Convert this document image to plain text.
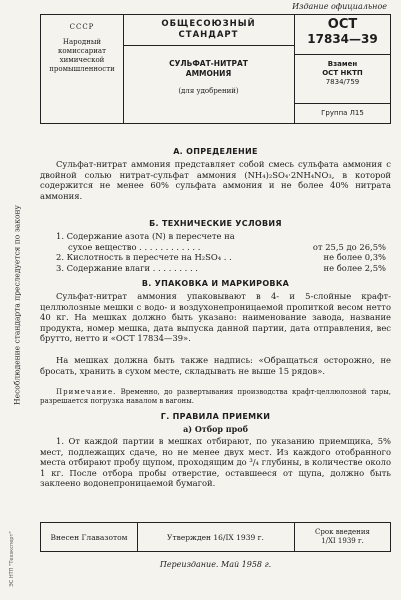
Издание официальное
СССР
Народный
комиссариат
химической
промышленности
ОБЩЕСОЮЗНЫЙ
СТАНДАРТ
СУЛЬФАТ-НИТРАТ
АММОНИЯ
(для удобрений)
ОСТ
17834—39
Взамен
ОСТ НКТП
7834/759
Группа Л15
Несоблюдение стандарта преследуется по закону
А. ОПРЕДЕЛЕНИЕ
Сульфат-нитрат аммония представляет собой смесь сульфата аммония с двойной солью нитрат-сульфат аммония (NH₄)₂SO₄·2NH₄NO₃, в которой содержится не менее 60% сульфата аммония и не более 40% нитрата аммония.
Б. ТЕХНИЧЕСКИЕ УСЛОВИЯ
1. Содержание азота (N) в пересчете на
сухое вещество . . . . . . . . . . . .	от 25,5 до 26,5%
2. Кислотность в пересчете на H₂SO₄ . .	не более 0,3%
3. Содержание влаги . . . . . . . . .	не более 2,5%
В. УПАКОВКА И МАРКИРОВКА
Сульфат-нитрат аммония упаковывают в 4- и 5-слойные крафт-целлюлозные мешки с водо- и воздухонепроницаемой пропиткой весом нетто 40 кг. На мешках должно быть указано: наименование завода, название продукта, номер мешка, дата выпуска данной партии, дата отправления, вес брутто, нетто и «ОСТ 17834—39».
На мешках должна быть также надпись: «Обращаться осторожно, не бросать, хранить в сухом месте, складывать не выше 15 рядов».
Примечание. Временно, до развертывания производства крафт-целлюлозной тары, разрешается погрузка навалом в вагоны.
Г. ПРАВИЛА ПРИЕМКИ
а) Отбор проб
1. От каждой партии в мешках отбирают, по указанию приемщика, 5% мест, подлежащих сдаче, но не менее двух мест. Из каждого отобранного места отбирают пробу щупом, проходящим до ³/₄ глубины, в количестве около 1 кг. После отбора пробы отверстие, оставшееся от щупа, должно быть заклеено водонепроницаемой бумагой.
Внесен Главазотом	Утвержден 16/IX 1939 г.
Срок введения
1/XI 1939 г.
Переиздание. Май 1958 г.
ЭС НТП "Техэксперт"
